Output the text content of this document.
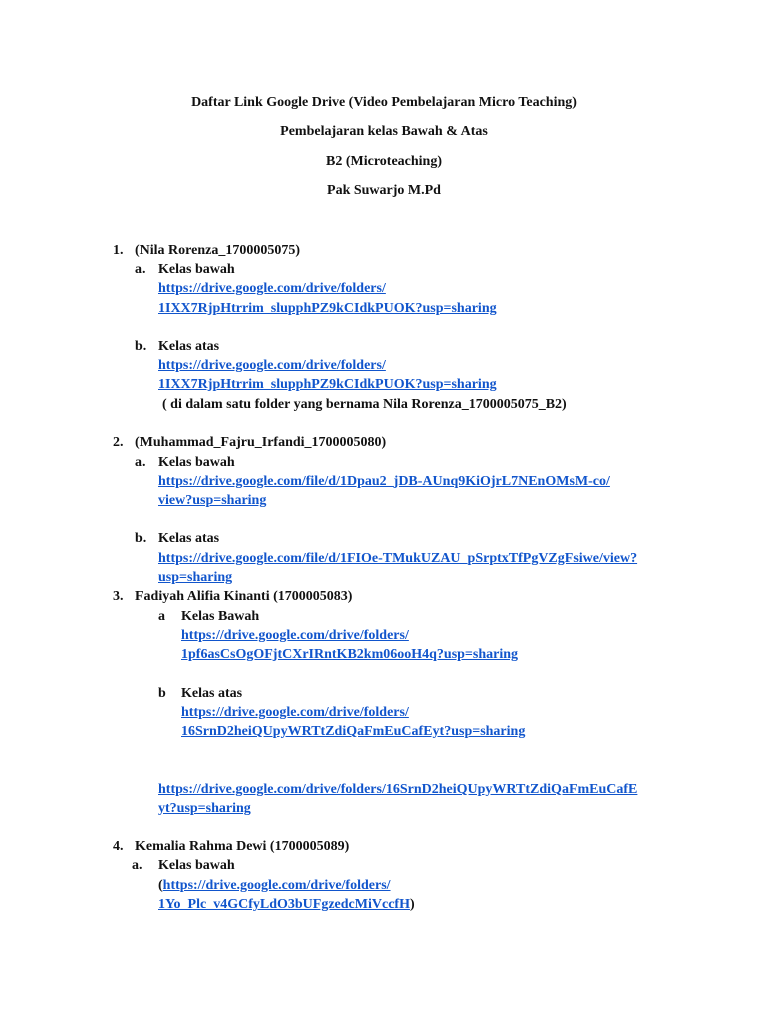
Daftar Link Google Drive (Video Pembelajaran Micro Teaching)
Pembelajaran kelas Bawah & Atas
B2 (Microteaching)
Pak Suwarjo M.Pd
1. (Nila Rorenza_1700005075)
a. Kelas bawah
https://drive.google.com/drive/folders/
1IXX7RjpHtrrim_slupphPZ9kCIdkPUOK?usp=sharing
b. Kelas atas
https://drive.google.com/drive/folders/
1IXX7RjpHtrrim_slupphPZ9kCIdkPUOK?usp=sharing
( di dalam satu folder yang bernama Nila Rorenza_1700005075_B2)
2. (Muhammad_Fajru_Irfandi_1700005080)
a. Kelas bawah
https://drive.google.com/file/d/1Dpau2_jDB-AUnq9KiOjrL7NEnOMsM-co/
view?usp=sharing
b. Kelas atas
https://drive.google.com/file/d/1FIOe-TMukUZAU_pSrptxTfPgVZgFsiwe/view?
usp=sharing
3. Fadiyah Alifia Kinanti (1700005083)
a Kelas Bawah
https://drive.google.com/drive/folders/
1pf6asCsOgOFjtCXrIRntKB2km06ooH4q?usp=sharing
b Kelas atas
https://drive.google.com/drive/folders/
16SrnD2heiQUpyWRTtZdiQaFmEuCafEyt?usp=sharing
https://drive.google.com/drive/folders/16SrnD2heiQUpyWRTtZdiQaFmEuCafE
yt?usp=sharing
4. Kemalia Rahma Dewi (1700005089)
a. Kelas bawah
(https://drive.google.com/drive/folders/
1Yo_Plc_v4GCfyLdO3bUFgzedcMiVccfH)
